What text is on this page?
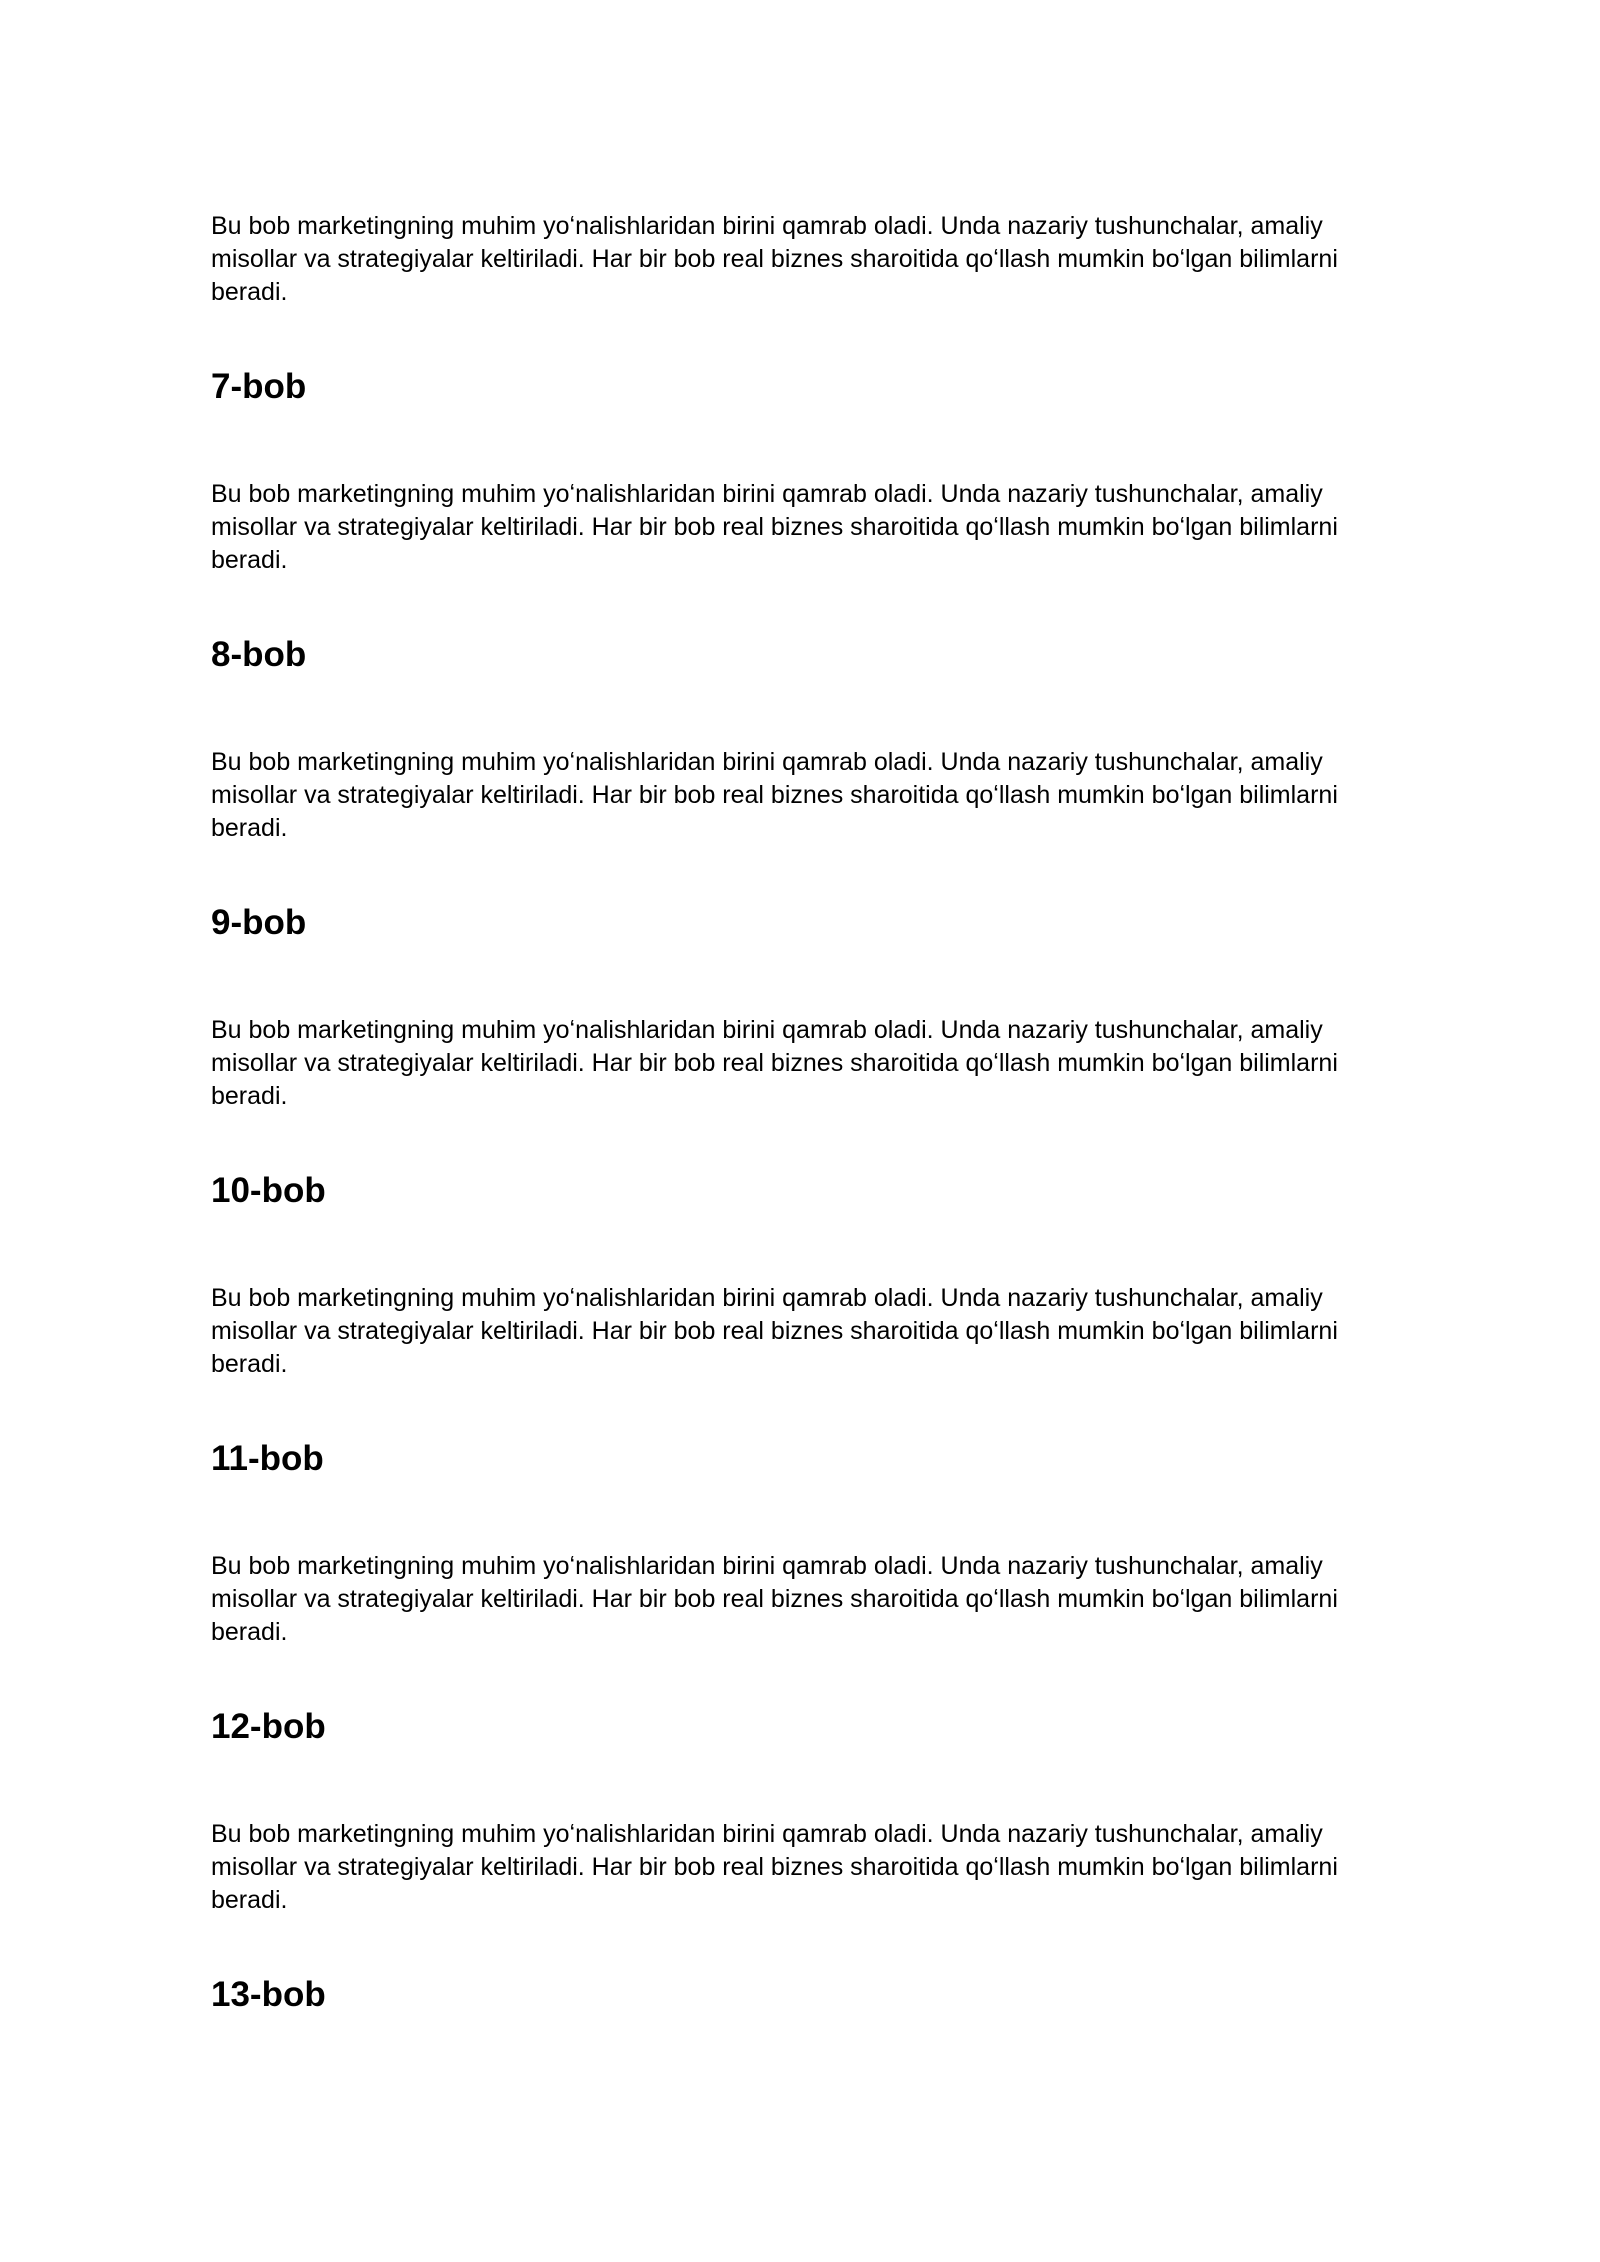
Bu bob marketingning muhim yoʻnalishlaridan birini qamrab oladi. Unda nazariy tushunchalar, amaliy misollar va strategiyalar keltiriladi. Har bir bob real biznes sharoitida qoʻllash mumkin boʻlgan bilimlarni beradi.

7-bob

Bu bob marketingning muhim yoʻnalishlaridan birini qamrab oladi. Unda nazariy tushunchalar, amaliy misollar va strategiyalar keltiriladi. Har bir bob real biznes sharoitida qoʻllash mumkin boʻlgan bilimlarni beradi.

8-bob

Bu bob marketingning muhim yoʻnalishlaridan birini qamrab oladi. Unda nazariy tushunchalar, amaliy misollar va strategiyalar keltiriladi. Har bir bob real biznes sharoitida qoʻllash mumkin boʻlgan bilimlarni beradi.

9-bob

Bu bob marketingning muhim yoʻnalishlaridan birini qamrab oladi. Unda nazariy tushunchalar, amaliy misollar va strategiyalar keltiriladi. Har bir bob real biznes sharoitida qoʻllash mumkin boʻlgan bilimlarni beradi.

10-bob

Bu bob marketingning muhim yoʻnalishlaridan birini qamrab oladi. Unda nazariy tushunchalar, amaliy misollar va strategiyalar keltiriladi. Har bir bob real biznes sharoitida qoʻllash mumkin boʻlgan bilimlarni beradi.

11-bob

Bu bob marketingning muhim yoʻnalishlaridan birini qamrab oladi. Unda nazariy tushunchalar, amaliy misollar va strategiyalar keltiriladi. Har bir bob real biznes sharoitida qoʻllash mumkin boʻlgan bilimlarni beradi.

12-bob

Bu bob marketingning muhim yoʻnalishlaridan birini qamrab oladi. Unda nazariy tushunchalar, amaliy misollar va strategiyalar keltiriladi. Har bir bob real biznes sharoitida qoʻllash mumkin boʻlgan bilimlarni beradi.

13-bob
